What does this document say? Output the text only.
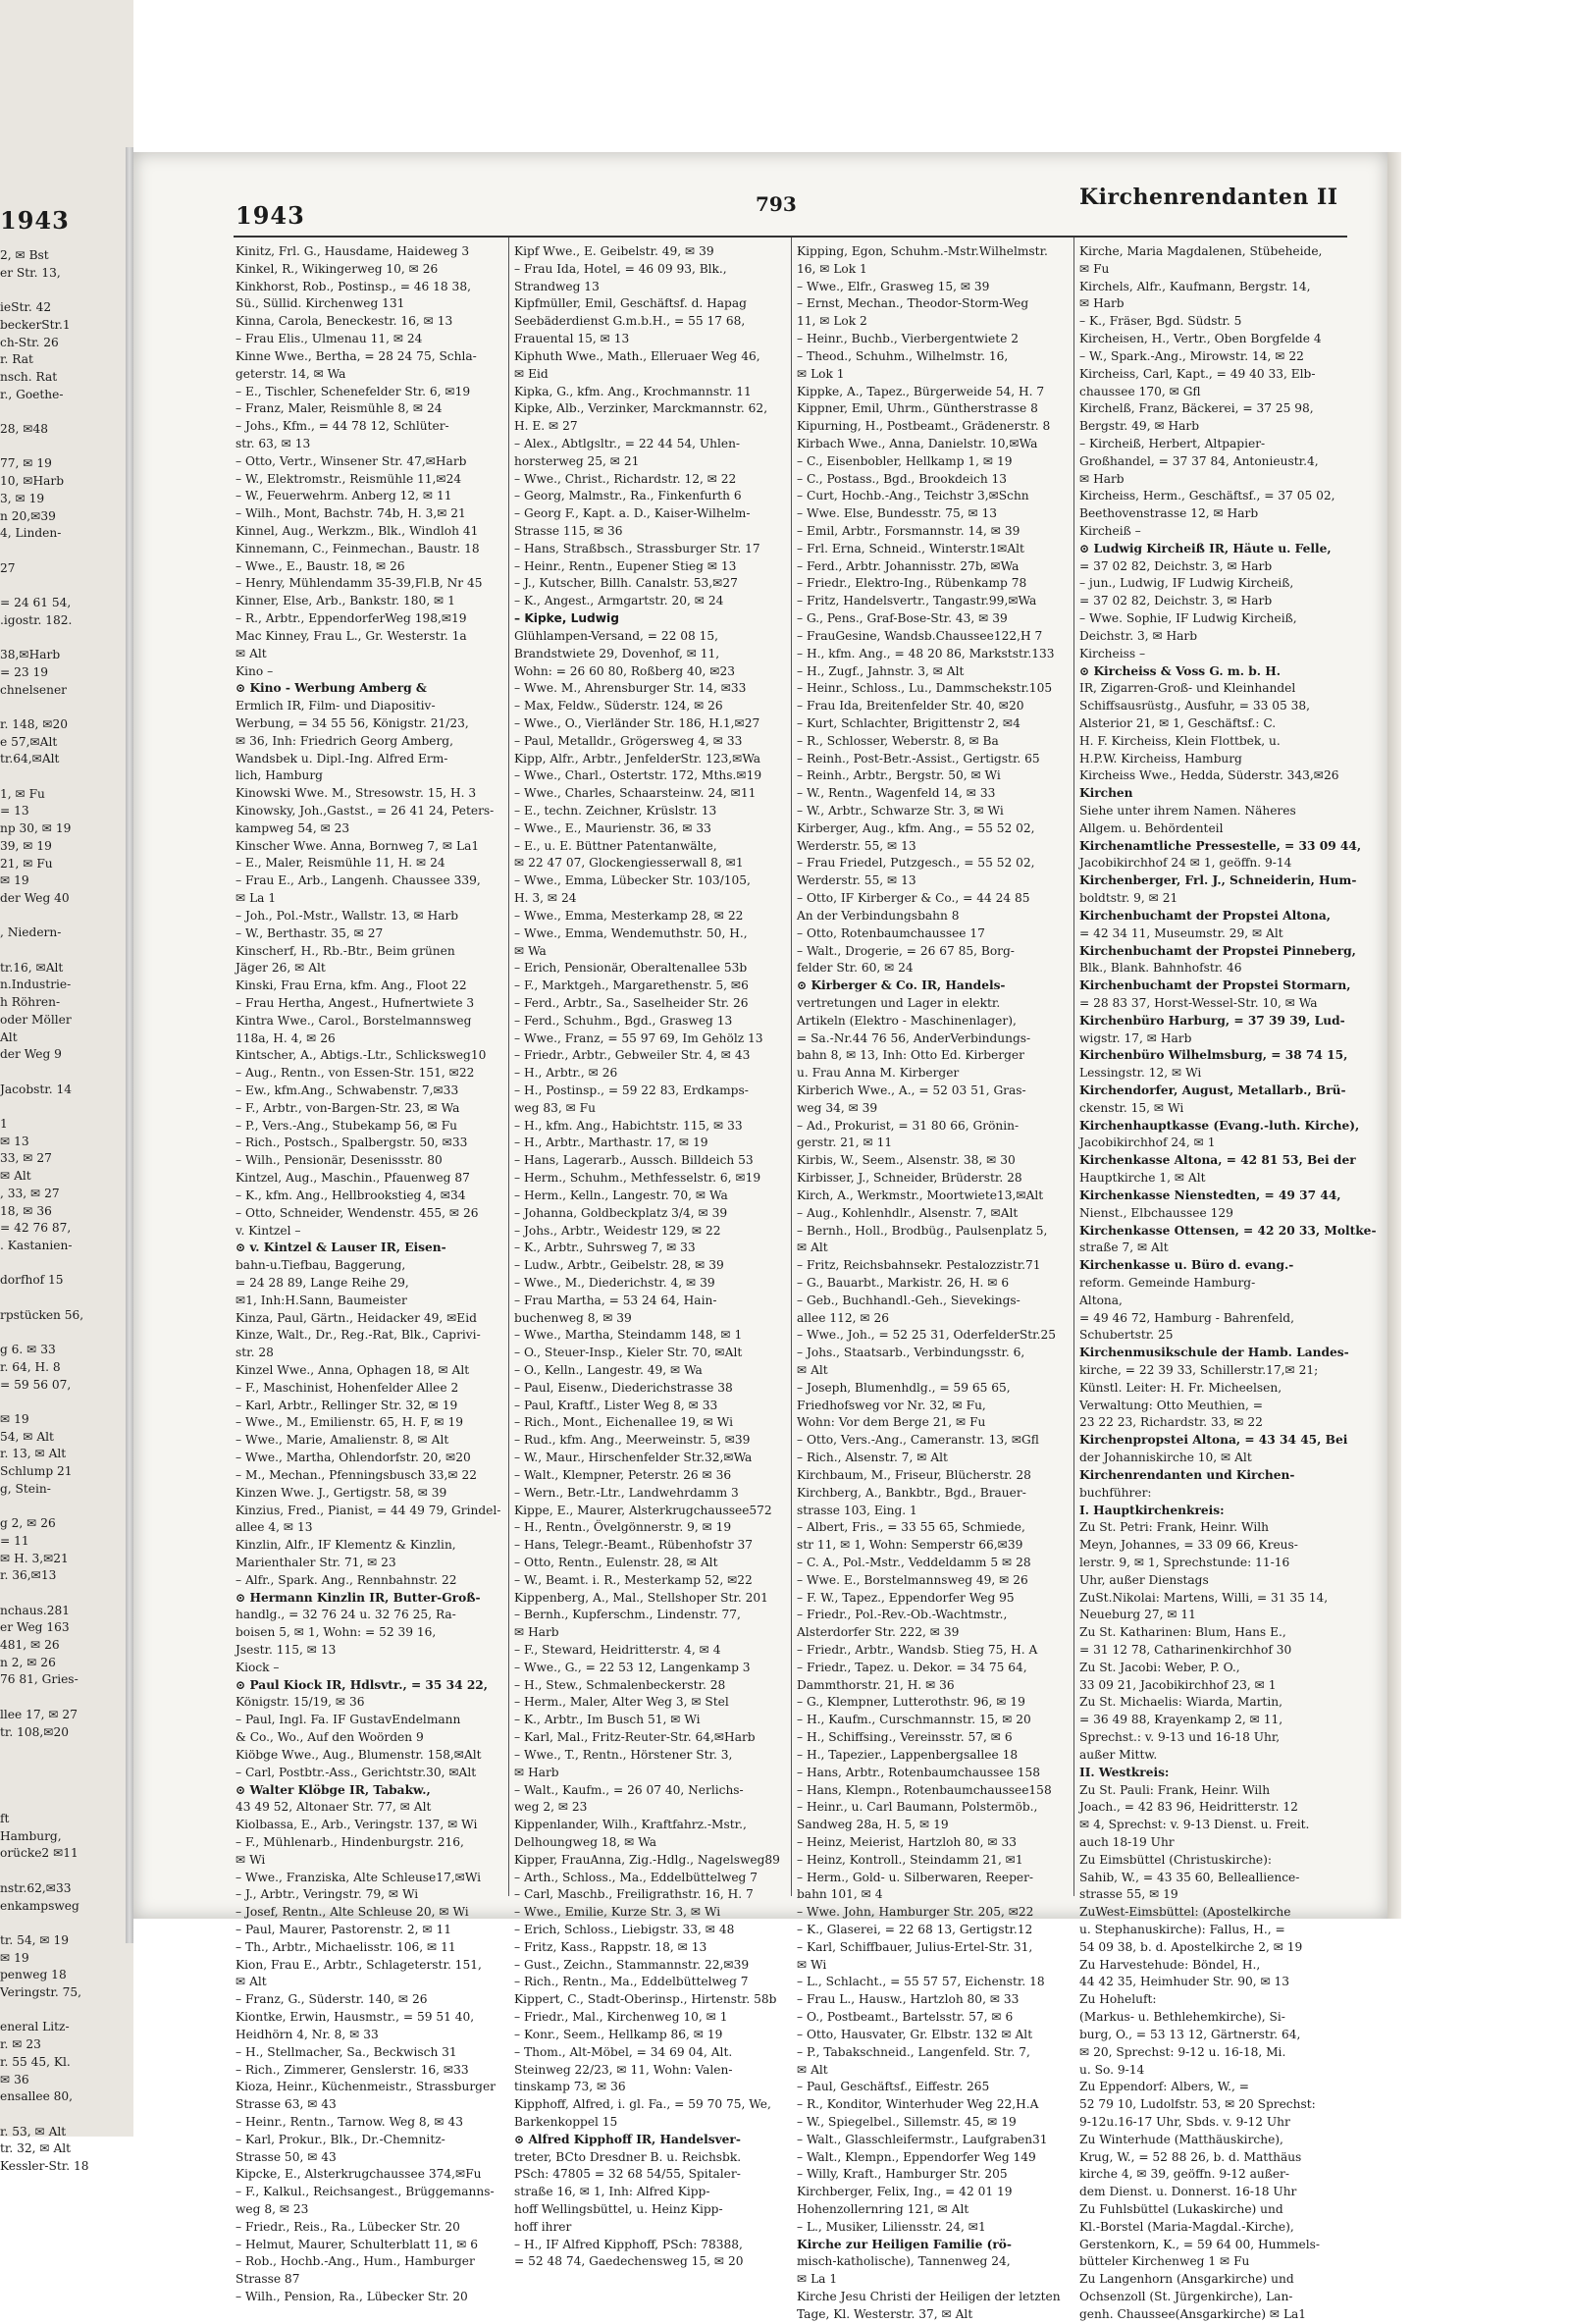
1943
2, ✉ Bst
er Str. 13,
ieStr. 42
beckerStr.1
ch-Str. 26
r. Rat
nsch. Rat
r., Goethe-
28, ✉48
77, ✉ 19
10, ✉Harb
3, ✉ 19
n 20,✉39
4, Linden-
27
= 24 61 54,
.igostr. 182.
38,✉Harb
= 23 19
chnelsener
r. 148, ✉20
e 57,✉Alt
tr.64,✉Alt
1, ✉ Fu
= 13
np 30, ✉ 19
39, ✉ 19
21, ✉ Fu
✉ 19
der Weg 40
, Niedern-
tr.16, ✉Alt
n.Industrie-
h Röhren-
oder Möller
Alt
der Weg 9
Jacobstr. 14
1
✉ 13
33, ✉ 27
✉ Alt
, 33, ✉ 27
18, ✉ 36
= 42 76 87,
. Kastanien-
dorfhof 15
rpstücken 56,
g 6. ✉ 33
r. 64, H. 8
= 59 56 07,
✉ 19
54, ✉ Alt
r. 13, ✉ Alt
Schlump 21
g, Stein-
g 2, ✉ 26
= 11
✉ H. 3,✉21
r. 36,✉13
nchaus.281
er Weg 163
481, ✉ 26
n 2, ✉ 26
76 81, Gries-
llee 17, ✉ 27
tr. 108,✉20
ft
Hamburg,
orücke2 ✉11
nstr.62,✉33
enkampsweg
tr. 54, ✉ 19
✉ 19
penweg 18
Veringstr. 75,
eneral Litz-
r. ✉ 23
r. 55 45, Kl.
✉ 36
ensallee 80,
r. 53, ✉ Alt
tr. 32, ✉ Alt
Kessler-Str. 18
1943	793	Kirchenrendanten II
Kinitz, Frl. G., Hausdame, Haideweg 3
Kinkel, R., Wikingerweg 10, ✉ 26
Kinkhorst, Rob., Postinsp., = 46 18 38,
Sü., Süllid. Kirchenweg 131
Kinna, Carola, Beneckestr. 16, ✉ 13
– Frau Elis., Ulmenau 11, ✉ 24
Kinne Wwe., Bertha, = 28 24 75, Schla-
geterstr. 14, ✉ Wa
– E., Tischler, Schenefelder Str. 6, ✉19
– Franz, Maler, Reismühle 8, ✉ 24
– Johs., Kfm., = 44 78 12, Schlüter-
str. 63, ✉ 13
– Otto, Vertr., Winsener Str. 47,✉Harb
– W., Elektromstr., Reismühle 11,✉24
– W., Feuerwehrm. Anberg 12, ✉ 11
– Wilh., Mont, Bachstr. 74b, H. 3,✉ 21
Kinnel, Aug., Werkzm., Blk., Windloh 41
Kinnemann, C., Feinmechan., Baustr. 18
– Wwe., E., Baustr. 18, ✉ 26
– Henry, Mühlendamm 35-39,Fl.B, Nr 45
Kinner, Else, Arb., Bankstr. 180, ✉ 1
– R., Arbtr., EppendorferWeg 198,✉19
Mac Kinney, Frau L., Gr. Westerstr. 1a
✉ Alt
Kino –
⊙ Kino - Werbung Amberg &
Ermlich IR, Film- und Diapositiv-
Werbung, = 34 55 56, Königstr. 21/23,
✉ 36, Inh: Friedrich Georg Amberg,
Wandsbek u. Dipl.-Ing. Alfred Erm-
lich, Hamburg
Kinowski Wwe. M., Stresowstr. 15, H. 3
Kinowsky, Joh.,Gastst., = 26 41 24, Peters-
kampweg 54, ✉ 23
Kinscher Wwe. Anna, Bornweg 7, ✉ La1
– E., Maler, Reismühle 11, H. ✉ 24
– Frau E., Arb., Langenh. Chaussee 339,
✉ La 1
– Joh., Pol.-Mstr., Wallstr. 13, ✉ Harb
– W., Berthastr. 35, ✉ 27
Kinscherf, H., Rb.-Btr., Beim grünen
Jäger 26, ✉ Alt
Kinski, Frau Erna, kfm. Ang., Floot 22
– Frau Hertha, Angest., Hufnertwiete 3
Kintra Wwe., Carol., Borstelmannsweg
118a, H. 4, ✉ 26
Kintscher, A., Abtigs.-Ltr., Schlicksweg10
– Aug., Rentn., von Essen-Str. 151, ✉22
– Ew., kfm.Ang., Schwabenstr. 7,✉33
– F., Arbtr., von-Bargen-Str. 23, ✉ Wa
– P., Vers.-Ang., Stubekamp 56, ✉ Fu
– Rich., Postsch., Spalbergstr. 50, ✉33
– Wilh., Pensionär, Desenissstr. 80
Kintzel, Aug., Maschin., Pfauenweg 87
– K., kfm. Ang., Hellbrookstieg 4, ✉34
– Otto, Schneider, Wendenstr. 455, ✉ 26
v. Kintzel –
⊙ v. Kintzel & Lauser IR, Eisen-
bahn-u.Tiefbau, Baggerung,
= 24 28 89, Lange Reihe 29,
✉1, Inh:H.Sann, Baumeister
Kinza, Paul, Gärtn., Heidacker 49, ✉Eid
Kinze, Walt., Dr., Reg.-Rat, Blk., Caprivi-
str. 28
Kinzel Wwe., Anna, Ophagen 18, ✉ Alt
– F., Maschinist, Hohenfelder Allee 2
– Karl, Arbtr., Rellinger Str. 32, ✉ 19
– Wwe., M., Emilienstr. 65, H. F, ✉ 19
– Wwe., Marie, Amalienstr. 8, ✉ Alt
– Wwe., Martha, Ohlendorfstr. 20, ✉20
– M., Mechan., Pfenningsbusch 33,✉ 22
Kinzen Wwe. J., Gertigstr. 58, ✉ 39
Kinzius, Fred., Pianist, = 44 49 79, Grindel-
allee 4, ✉ 13
Kinzlin, Alfr., IF Klementz & Kinzlin,
Marienthaler Str. 71, ✉ 23
– Alfr., Spark. Ang., Rennbahnstr. 22
⊙ Hermann Kinzlin IR, Butter-Groß-
handlg., = 32 76 24 u. 32 76 25, Ra-
boisen 5, ✉ 1, Wohn: = 52 39 16,
Jsestr. 115, ✉ 13
Kiock –
⊙ Paul Kiock IR, Hdlsvtr., = 35 34 22,
Königstr. 15/19, ✉ 36
– Paul, Ingl. Fa. IF GustavEndelmann
& Co., Wo., Auf den Woörden 9
Kiöbge Wwe., Aug., Blumenstr. 158,✉Alt
– Carl, Postbtr.-Ass., Gerichtstr.30, ✉Alt
⊙ Walter Klöbge IR, Tabakw.,
43 49 52, Altonaer Str. 77, ✉ Alt
Kiolbassa, E., Arb., Veringstr. 137, ✉ Wi
– F., Mühlenarb., Hindenburgstr. 216,
✉ Wi
– Wwe., Franziska, Alte Schleuse17,✉Wi
– J., Arbtr., Veringstr. 79, ✉ Wi
– Josef, Rentn., Alte Schleuse 20, ✉ Wi
– Paul, Maurer, Pastorenstr. 2, ✉ 11
– Th., Arbtr., Michaelisstr. 106, ✉ 11
Kion, Frau E., Arbtr., Schlageterstr. 151,
✉ Alt
– Franz, G., Süderstr. 140, ✉ 26
Kiontke, Erwin, Hausmstr., = 59 51 40,
Heidhörn 4, Nr. 8, ✉ 33
– H., Stellmacher, Sa., Beckwisch 31
– Rich., Zimmerer, Genslerstr. 16, ✉33
Kioza, Heinr., Küchenmeistr., Strassburger
Strasse 63, ✉ 43
– Heinr., Rentn., Tarnow. Weg 8, ✉ 43
– Karl, Prokur., Blk., Dr.-Chemnitz-
Strasse 50, ✉ 43
Kipcke, E., Alsterkrugchaussee 374,✉Fu
– F., Kalkul., Reichsangest., Brüggemanns-
weg 8, ✉ 23
– Friedr., Reis., Ra., Lübecker Str. 20
– Helmut, Maurer, Schulterblatt 11, ✉ 6
– Rob., Hochb.-Ang., Hum., Hamburger
Strasse 87
– Wilh., Pension, Ra., Lübecker Str. 20
Kipf Wwe., E. Geibelstr. 49, ✉ 39
– Frau Ida, Hotel, = 46 09 93, Blk.,
Strandweg 13
Kipfmüller, Emil, Geschäftsf. d. Hapag
Seebäderdienst G.m.b.H., = 55 17 68,
Frauental 15, ✉ 13
Kiphuth Wwe., Math., Elleruaer Weg 46,
✉ Eid
Kipka, G., kfm. Ang., Krochmannstr. 11
Kipke, Alb., Verzinker, Marckmannstr. 62,
H. E. ✉ 27
– Alex., Abtlgsltr., = 22 44 54, Uhlen-
horsterweg 25, ✉ 21
– Wwe., Christ., Richardstr. 12, ✉ 22
– Georg, Malmstr., Ra., Finkenfurth 6
– Georg F., Kapt. a. D., Kaiser-Wilhelm-
Strasse 115, ✉ 36
– Hans, Straßbsch., Strassburger Str. 17
– Heinr., Rentn., Eupener Stieg ✉ 13
– J., Kutscher, Billh. Canalstr. 53,✉27
– K., Angest., Armgartstr. 20, ✉ 24
– Kipke, Ludwig
Glühlampen-Versand, = 22 08 15,
Brandstwiete 29, Dovenhof, ✉ 11,
Wohn: = 26 60 80, Roßberg 40, ✉23
– Wwe. M., Ahrensburger Str. 14, ✉33
– Max, Feldw., Süderstr. 124, ✉ 26
– Wwe., O., Vierländer Str. 186, H.1,✉27
– Paul, Metalldr., Grögersweg 4, ✉ 33
Kipp, Alfr., Arbtr., JenfelderStr. 123,✉Wa
– Wwe., Charl., Ostertstr. 172, Mths.✉19
– Wwe., Charles, Schaarsteinw. 24, ✉11
– E., techn. Zeichner, Krüslstr. 13
– Wwe., E., Maurienstr. 36, ✉ 33
– E., u. E. Büttner Patentanwälte,
✉ 22 47 07, Glockengiesserwall 8, ✉1
– Wwe., Emma, Lübecker Str. 103/105,
H. 3, ✉ 24
– Wwe., Emma, Mesterkamp 28, ✉ 22
– Wwe., Emma, Wendemuthstr. 50, H.,
✉ Wa
– Erich, Pensionär, Oberaltenallee 53b
– F., Marktgeh., Margarethenstr. 5, ✉6
– Ferd., Arbtr., Sa., Saselheider Str. 26
– Ferd., Schuhm., Bgd., Grasweg 13
– Wwe., Franz, = 55 97 69, Im Gehölz 13
– Friedr., Arbtr., Gebweiler Str. 4, ✉ 43
– H., Arbtr., ✉ 26
– H., Postinsp., = 59 22 83, Erdkamps-
weg 83, ✉ Fu
– H., kfm. Ang., Habichtstr. 115, ✉ 33
– H., Arbtr., Marthastr. 17, ✉ 19
– Hans, Lagerarb., Aussch. Billdeich 53
– Herm., Schuhm., Methfesselstr. 6, ✉19
– Herm., Kelln., Langestr. 70, ✉ Wa
– Johanna, Goldbeckplatz 3/4, ✉ 39
– Johs., Arbtr., Weidestr 129, ✉ 22
– K., Arbtr., Suhrsweg 7, ✉ 33
– Ludw., Arbtr., Geibelstr. 28, ✉ 39
– Wwe., M., Diederichstr. 4, ✉ 39
– Frau Martha, = 53 24 64, Hain-
buchenweg 8, ✉ 39
– Wwe., Martha, Steindamm 148, ✉ 1
– O., Steuer-Insp., Kieler Str. 70, ✉Alt
– O., Kelln., Langestr. 49, ✉ Wa
– Paul, Eisenw., Diederichstrasse 38
– Paul, Kraftf., Lister Weg 8, ✉ 33
– Rich., Mont., Eichenallee 19, ✉ Wi
– Rud., kfm. Ang., Meerweinstr. 5, ✉39
– W., Maur., Hirschenfelder Str.32,✉Wa
– Walt., Klempner, Peterstr. 26 ✉ 36
– Wern., Betr.-Ltr., Landwehrdamm 3
Kippe, E., Maurer, Alsterkrugchaussee572
– H., Rentn., Övelgönnerstr. 9, ✉ 19
– Hans, Telegr.-Beamt., Rübenhofstr 37
– Otto, Rentn., Eulenstr. 28, ✉ Alt
– W., Beamt. i. R., Mesterkamp 52, ✉22
Kippenberg, A., Mal., Stellshoper Str. 201
– Bernh., Kupferschm., Lindenstr. 77,
✉ Harb
– F., Steward, Heidritterstr. 4, ✉ 4
– Wwe., G., = 22 53 12, Langenkamp 3
– H., Stew., Schmalenbeckerstr. 28
– Herm., Maler, Alter Weg 3, ✉ Stel
– K., Arbtr., Im Busch 51, ✉ Wi
– Karl, Mal., Fritz-Reuter-Str. 64,✉Harb
– Wwe., T., Rentn., Hörstener Str. 3,
✉ Harb
– Walt., Kaufm., = 26 07 40, Nerlichs-
weg 2, ✉ 23
Kippenlander, Wilh., Kraftfahrz.-Mstr.,
Delhoungweg 18, ✉ Wa
Kipper, FrauAnna, Zig.-Hdlg., Nagelsweg89
– Arth., Schloss., Ma., Eddelbüttelweg 7
– Carl, Maschb., Freiligrathstr. 16, H. 7
– Wwe., Emilie, Kurze Str. 3, ✉ Wi
– Erich, Schloss., Liebigstr. 33, ✉ 48
– Fritz, Kass., Rappstr. 18, ✉ 13
– Gust., Zeichn., Stammannstr. 22,✉39
– Rich., Rentn., Ma., Eddelbüttelweg 7
Kippert, C., Stadt-Oberinsp., Hirtenstr. 58b
– Friedr., Mal., Kirchenweg 10, ✉ 1
– Konr., Seem., Hellkamp 86, ✉ 19
– Thom., Alt-Möbel, = 34 69 04, Alt.
Steinweg 22/23, ✉ 11, Wohn: Valen-
tinskamp 73, ✉ 36
Kipphoff, Alfred, i. gl. Fa., = 59 70 75, We,
Barkenkoppel 15
⊙ Alfred Kipphoff IR, Handelsver-
treter, BCto Dresdner B. u. Reichsbk.
PSch: 47805 = 32 68 54/55, Spitaler-
straße 16, ✉ 1, Inh: Alfred Kipp-
hoff Wellingsbüttel, u. Heinz Kipp-
hoff ihrer
– H., IF Alfred Kipphoff, PSch: 78388,
= 52 48 74, Gaedechensweg 15, ✉ 20
Kipping, Egon, Schuhm.-Mstr.Wilhelmstr.
16, ✉ Lok 1
– Wwe., Elfr., Grasweg 15, ✉ 39
– Ernst, Mechan., Theodor-Storm-Weg
11, ✉ Lok 2
– Heinr., Buchb., Vierbergentwiete 2
– Theod., Schuhm., Wilhelmstr. 16,
✉ Lok 1
Kippke, A., Tapez., Bürgerweide 54, H. 7
Kippner, Emil, Uhrm., Güntherstrasse 8
Kipurning, H., Postbeamt., Grädenerstr. 8
Kirbach Wwe., Anna, Danielstr. 10,✉Wa
– C., Eisenbobler, Hellkamp 1, ✉ 19
– C., Postass., Bgd., Brookdeich 13
– Curt, Hochb.-Ang., Teichstr 3,✉Schn
– Wwe. Else, Bundesstr. 75, ✉ 13
– Emil, Arbtr., Forsmannstr. 14, ✉ 39
– Frl. Erna, Schneid., Winterstr.1✉Alt
– Ferd., Arbtr. Johannisstr. 27b, ✉Wa
– Friedr., Elektro-Ing., Rübenkamp 78
– Fritz, Handelsvertr., Tangastr.99,✉Wa
– G., Pens., Graf-Bose-Str. 43, ✉ 39
– FrauGesine, Wandsb.Chaussee122,H 7
– H., kfm. Ang., = 48 20 86, Markststr.133
– H., Zugf., Jahnstr. 3, ✉ Alt
– Heinr., Schloss., Lu., Dammschekstr.105
– Frau Ida, Breitenfelder Str. 40, ✉20
– Kurt, Schlachter, Brigittenstr 2, ✉4
– R., Schlosser, Weberstr. 8, ✉ Ba
– Reinh., Post-Betr.-Assist., Gertigstr. 65
– Reinh., Arbtr., Bergstr. 50, ✉ Wi
– W., Rentn., Wagenfeld 14, ✉ 33
– W., Arbtr., Schwarze Str. 3, ✉ Wi
Kirberger, Aug., kfm. Ang., = 55 52 02,
Werderstr. 55, ✉ 13
– Frau Friedel, Putzgesch., = 55 52 02,
Werderstr. 55, ✉ 13
– Otto, IF Kirberger & Co., = 44 24 85
An der Verbindungsbahn 8
– Otto, Rotenbaumchaussee 17
– Walt., Drogerie, = 26 67 85, Borg-
felder Str. 60, ✉ 24
⊙ Kirberger & Co. IR, Handels-
vertretungen und Lager in elektr.
Artikeln (Elektro - Maschinenlager),
= Sa.-Nr.44 76 56, AnderVerbindungs-
bahn 8, ✉ 13, Inh: Otto Ed. Kirberger
u. Frau Anna M. Kirberger
Kirberich Wwe., A., = 52 03 51, Gras-
weg 34, ✉ 39
– Ad., Prokurist, = 31 80 66, Grönin-
gerstr. 21, ✉ 11
Kirbis, W., Seem., Alsenstr. 38, ✉ 30
Kirbisser, J., Schneider, Brüderstr. 28
Kirch, A., Werkmstr., Moortwiete13,✉Alt
– Aug., Kohlenhdlr., Alsenstr. 7, ✉Alt
– Bernh., Holl., Brodbüg., Paulsenplatz 5,
✉ Alt
– Fritz, Reichsbahnsekr. Pestalozzistr.71
– G., Bauarbt., Markistr. 26, H. ✉ 6
– Geb., Buchhandl.-Geh., Sievekings-
allee 112, ✉ 26
– Wwe., Joh., = 52 25 31, OderfelderStr.25
– Johs., Staatsarb., Verbindungsstr. 6,
✉ Alt
– Joseph, Blumenhdlg., = 59 65 65,
Friedhofsweg vor Nr. 32, ✉ Fu,
Wohn: Vor dem Berge 21, ✉ Fu
– Otto, Vers.-Ang., Cameranstr. 13, ✉Gfl
– Rich., Alsenstr. 7, ✉ Alt
Kirchbaum, M., Friseur, Blücherstr. 28
Kirchberg, A., Bankbtr., Bgd., Brauer-
strasse 103, Eing. 1
– Albert, Fris., = 33 55 65, Schmiede,
str 11, ✉ 1, Wohn: Semperstr 66,✉39
– C. A., Pol.-Mstr., Veddeldamm 5 ✉ 28
– Wwe. E., Borstelmannsweg 49, ✉ 26
– F. W., Tapez., Eppendorfer Weg 95
– Friedr., Pol.-Rev.-Ob.-Wachtmstr.,
Alsterdorfer Str. 222, ✉ 39
– Friedr., Arbtr., Wandsb. Stieg 75, H. A
– Friedr., Tapez. u. Dekor. = 34 75 64,
Dammthorstr. 21, H. ✉ 36
– G., Klempner, Lutterothstr. 96, ✉ 19
– H., Kaufm., Curschmannstr. 15, ✉ 20
– H., Schiffsing., Vereinsstr. 57, ✉ 6
– H., Tapezier., Lappenbergsallee 18
– Hans, Arbtr., Rotenbaumchaussee 158
– Hans, Klempn., Rotenbaumchaussee158
– Heinr., u. Carl Baumann, Polstermöb.,
Sandweg 28a, H. 5, ✉ 19
– Heinz, Meierist, Hartzloh 80, ✉ 33
– Heinz, Kontroll., Steindamm 21, ✉1
– Herm., Gold- u. Silberwaren, Reeper-
bahn 101, ✉ 4
– Wwe. John, Hamburger Str. 205, ✉22
– K., Glaserei, = 22 68 13, Gertigstr.12
– Karl, Schiffbauer, Julius-Ertel-Str. 31,
✉ Wi
– L., Schlacht., = 55 57 57, Eichenstr. 18
– Frau L., Hausw., Hartzloh 80, ✉ 33
– O., Postbeamt., Bartelsstr. 57, ✉ 6
– Otto, Hausvater, Gr. Elbstr. 132 ✉ Alt
– P., Tabakschneid., Langenfeld. Str. 7,
✉ Alt
– Paul, Geschäftsf., Eiffestr. 265
– R., Konditor, Winterhuder Weg 22,H.A
– W., Spiegelbel., Sillemstr. 45, ✉ 19
– Walt., Glasschleifermstr., Laufgraben31
– Walt., Klempn., Eppendorfer Weg 149
– Willy, Kraft., Hamburger Str. 205
Kirchberger, Felix, Ing., = 42 01 19
Hohenzollernring 121, ✉ Alt
– L., Musiker, Liliensstr. 24, ✉1
Kirche zur Heiligen Familie (rö-
misch-katholische), Tannenweg 24,
✉ La 1
Kirche Jesu Christi der Heiligen der letzten
Tage, Kl. Westerstr. 37, ✉ Alt
Kirche, Maria Magdalenen, Stübeheide,
✉ Fu
Kirchels, Alfr., Kaufmann, Bergstr. 14,
✉ Harb
– K., Fräser, Bgd. Südstr. 5
Kircheisen, H., Vertr., Oben Borgfelde 4
– W., Spark.-Ang., Mirowstr. 14, ✉ 22
Kircheiss, Carl, Kapt., = 49 40 33, Elb-
chaussee 170, ✉ Gfl
Kirchelß, Franz, Bäckerei, = 37 25 98,
Bergstr. 49, ✉ Harb
– Kircheiß, Herbert, Altpapier-
Großhandel, = 37 37 84, Antonieustr.4,
✉ Harb
Kircheiss, Herm., Geschäftsf., = 37 05 02,
Beethovenstrasse 12, ✉ Harb
Kircheiß –
⊙ Ludwig Kircheiß IR, Häute u. Felle,
= 37 02 82, Deichstr. 3, ✉ Harb
– jun., Ludwig, IF Ludwig Kircheiß,
= 37 02 82, Deichstr. 3, ✉ Harb
– Wwe. Sophie, IF Ludwig Kircheiß,
Deichstr. 3, ✉ Harb
Kircheiss –
⊙ Kircheiss & Voss G. m. b. H.
IR, Zigarren-Groß- und Kleinhandel
Schiffsausrüstg., Ausfuhr, = 33 05 38,
Alsterior 21, ✉ 1, Geschäftsf.: C.
H. F. Kircheiss, Klein Flottbek, u.
H.P.W. Kircheiss, Hamburg
Kircheiss Wwe., Hedda, Süderstr. 343,✉26
Kirchen
Siehe unter ihrem Namen. Näheres
Allgem. u. Behördenteil
Kirchenamtliche Pressestelle, = 33 09 44,
Jacobikirchhof 24 ✉ 1, geöffn. 9-14
Kirchenberger, Frl. J., Schneiderin, Hum-
boldtstr. 9, ✉ 21
Kirchenbuchamt der Propstei Altona,
= 42 34 11, Museumstr. 29, ✉ Alt
Kirchenbuchamt der Propstei Pinneberg,
Blk., Blank. Bahnhofstr. 46
Kirchenbuchamt der Propstei Stormarn,
= 28 83 37, Horst-Wessel-Str. 10, ✉ Wa
Kirchenbüro Harburg, = 37 39 39, Lud-
wigstr. 17, ✉ Harb
Kirchenbüro Wilhelmsburg, = 38 74 15,
Lessingstr. 12, ✉ Wi
Kirchendorfer, August, Metallarb., Brü-
ckenstr. 15, ✉ Wi
Kirchenhauptkasse (Evang.-luth. Kirche),
Jacobikirchhof 24, ✉ 1
Kirchenkasse Altona, = 42 81 53, Bei der
Hauptkirche 1, ✉ Alt
Kirchenkasse Nienstedten, = 49 37 44,
Nienst., Elbchaussee 129
Kirchenkasse Ottensen, = 42 20 33, Moltke-
straße 7, ✉ Alt
Kirchenkasse u. Büro d. evang.-
reform. Gemeinde Hamburg-
Altona,
= 49 46 72, Hamburg - Bahrenfeld,
Schubertstr. 25
Kirchenmusikschule der Hamb. Landes-
kirche, = 22 39 33, Schillerstr.17,✉ 21;
Künstl. Leiter: H. Fr. Micheelsen,
Verwaltung: Otto Meuthien, =
23 22 23, Richardstr. 33, ✉ 22
Kirchenpropstei Altona, = 43 34 45, Bei
der Johanniskirche 10, ✉ Alt
Kirchenrendanten und Kirchen-
buchführer:
I. Hauptkirchenkreis:
Zu St. Petri: Frank, Heinr. Wilh
Meyn, Johannes, = 33 09 66, Kreus-
lerstr. 9, ✉ 1, Sprechstunde: 11-16
Uhr, außer Dienstags
ZuSt.Nikolai: Martens, Willi, = 31 35 14,
Neueburg 27, ✉ 11
Zu St. Katharinen: Blum, Hans E.,
= 31 12 78, Catharinenkirchhof 30
Zu St. Jacobi: Weber, P. O.,
33 09 21, Jacobikirchhof 23, ✉ 1
Zu St. Michaelis: Wiarda, Martin,
= 36 49 88, Krayenkamp 2, ✉ 11,
Sprechst.: v. 9-13 und 16-18 Uhr,
außer Mittw.
II. Westkreis:
Zu St. Pauli: Frank, Heinr. Wilh
Joach., = 42 83 96, Heidritterstr. 12
✉ 4, Sprechst: v. 9-13 Dienst. u. Freit.
auch 18-19 Uhr
Zu Eimsbüttel (Christuskirche):
Sahib, W., = 43 35 60, Belleallience-
strasse 55, ✉ 19
ZuWest-Eimsbüttel: (Apostelkirche
u. Stephanuskirche): Fallus, H., =
54 09 38, b. d. Apostelkirche 2, ✉ 19
Zu Harvestehude: Böndel, H.,
44 42 35, Heimhuder Str. 90, ✉ 13
Zu Hoheluft:
(Markus- u. Bethlehemkirche), Si-
burg, O., = 53 13 12, Gärtnerstr. 64,
✉ 20, Sprechst: 9-12 u. 16-18, Mi.
u. So. 9-14
Zu Eppendorf: Albers, W., =
52 79 10, Ludolfstr. 53, ✉ 20 Sprechst:
9-12u.16-17 Uhr, Sbds. v. 9-12 Uhr
Zu Winterhude (Matthäuskirche),
Krug, W., = 52 88 26, b. d. Matthäus
kirche 4, ✉ 39, geöffn. 9-12 außer-
dem Dienst. u. Donnerst. 16-18 Uhr
Zu Fuhlsbüttel (Lukaskirche) und
Kl.-Borstel (Maria-Magdal.-Kirche),
Gerstenkorn, K., = 59 64 00, Hummels-
bütteler Kirchenweg 1 ✉ Fu
Zu Langenhorn (Ansgarkirche) und
Ochsenzoll (St. Jürgenkirche), Lan-
genh. Chaussee(Ansgarkirche) ✉ La1
